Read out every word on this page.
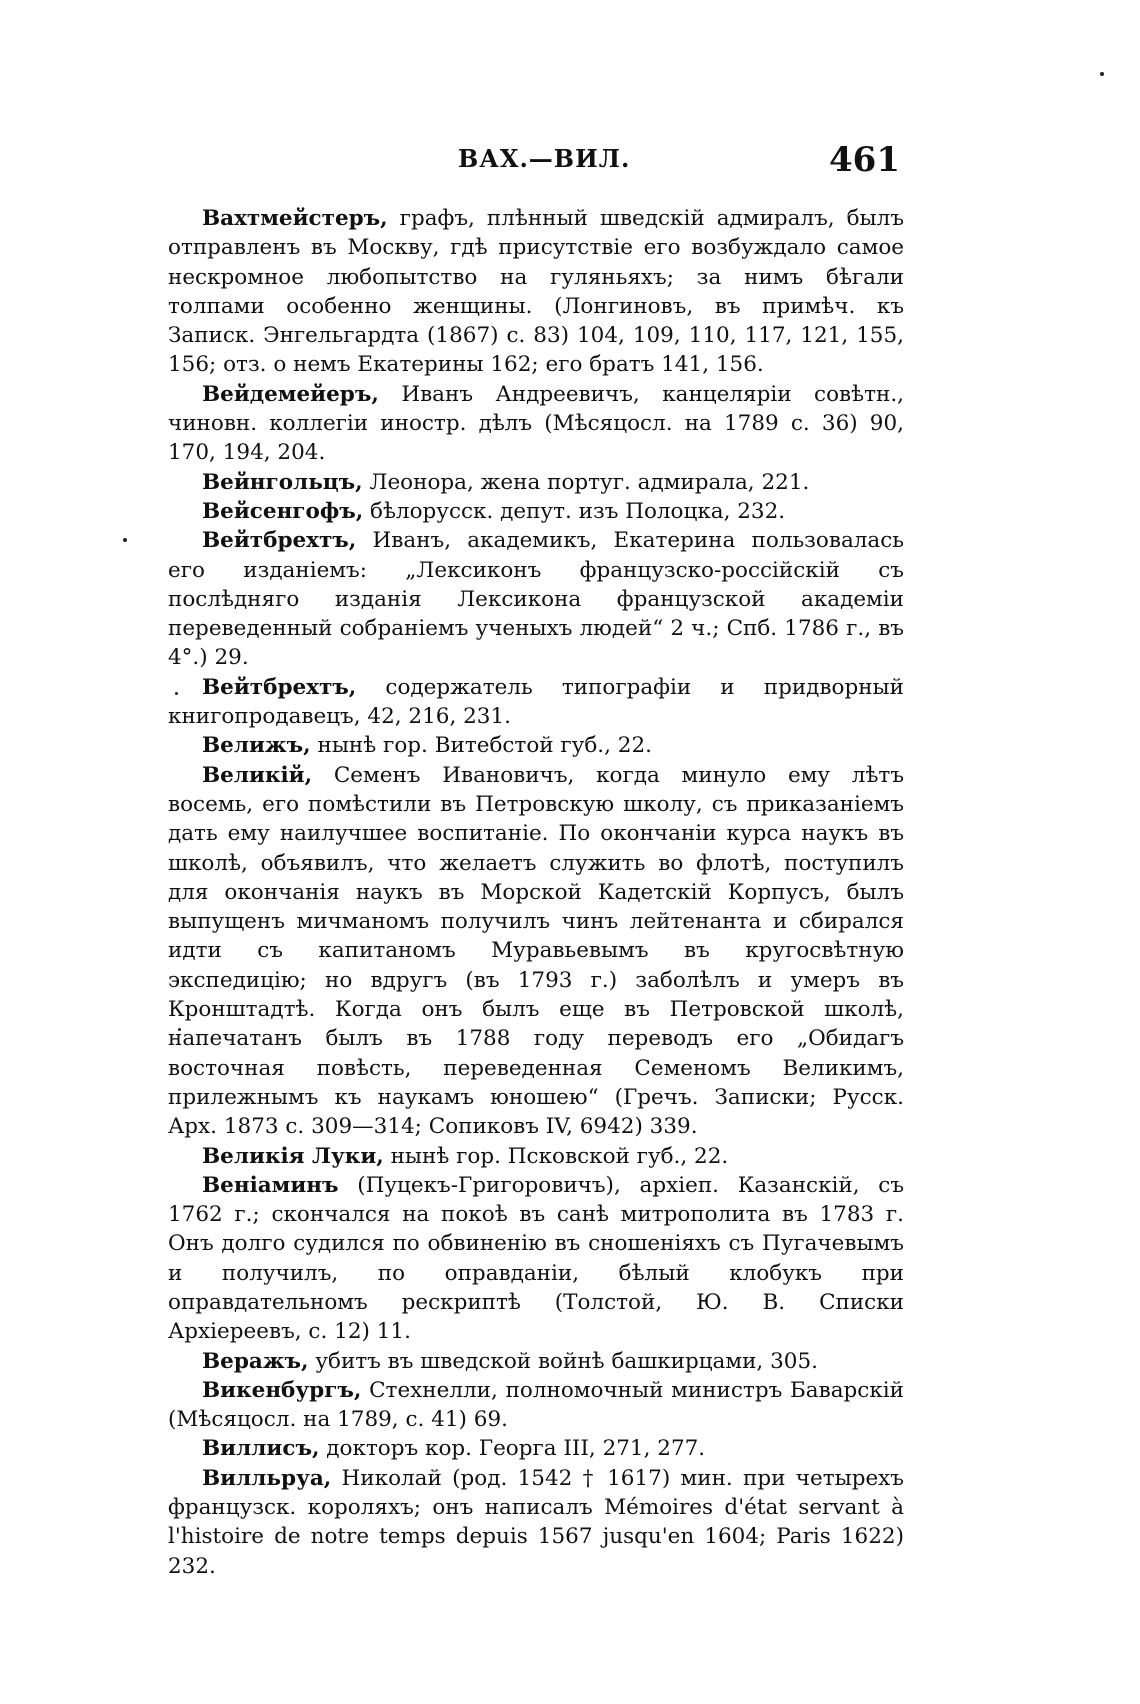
ВАХ.—ВИЛ.	461

Вахтмейстеръ, графъ, плѣнный шведскій адмиралъ, былъ отправленъ въ Москву, гдѣ присутствіе его возбуждало самое нескромное любопытство на гуляньяхъ; за нимъ бѣгали толпами особенно женщины. (Лонгиновъ, въ примѣч. къ Записк. Энгельгардта (1867) с. 83) 104, 109, 110, 117, 121, 155, 156; отз. о немъ Екатерины 162; его братъ 141, 156.

Вейдемейеръ, Иванъ Андреевичъ, канцеляріи совѣтн., чиновн. коллегіи иностр. дѣлъ (Мѣсяцосл. на 1789 с. 36) 90, 170, 194, 204.

Вейнгольцъ, Леонора, жена португ. адмирала, 221.

Вейсенгофъ, бѣлорусск. депут. изъ Полоцка, 232.

Вейтбрехтъ, Иванъ, академикъ, Екатерина пользовалась его изданіемъ: „Лексиконъ французско-россійскій съ послѣдняго изданія Лексикона французской академіи переведенный собраніемъ ученыхъ людей“ 2 ч.; Спб. 1786 г., въ 4°.) 29.

Вейтбрехтъ, содержатель типографіи и придворный книгопродавецъ, 42, 216, 231.

Велижъ, нынѣ гор. Витебстой губ., 22.

Великій, Семенъ Ивановичъ, когда минуло ему лѣтъ восемь, его помѣстили въ Петровскую школу, съ приказаніемъ дать ему наилучшее воспитаніе. По окончаніи курса наукъ въ школѣ, объявилъ, что желаетъ служить во флотѣ, поступилъ для окончанія наукъ въ Морской Кадетскій Корпусъ, былъ выпущенъ мичманомъ получилъ чинъ лейтенанта и сбирался идти съ капитаномъ Муравьевымъ въ кругосвѣтную экспедицію; но вдругъ (въ 1793 г.) заболѣлъ и умеръ въ Кронштадтѣ. Когда онъ былъ еще въ Петровской школѣ, напечатанъ былъ въ 1788 году переводъ его „Обидагъ восточная повѣсть, переведенная Семеномъ Великимъ, прилежнымъ къ наукамъ юношею“ (Гречъ. Записки; Русск. Арх. 1873 с. 309—314; Сопиковъ IV, 6942) 339.

Великія Луки, нынѣ гор. Псковской губ., 22.

Веніаминъ (Пуцекъ-Григоровичъ), архіеп. Казанскій, съ 1762 г.; скончался на покоѣ въ санѣ митрополита въ 1783 г. Онъ долго судился по обвиненію въ сношеніяхъ съ Пугачевымъ и получилъ, по оправданіи, бѣлый клобукъ при оправдательномъ рескриптѣ (Толстой, Ю. В. Списки Архіереевъ, с. 12) 11.

Веражъ, убитъ въ шведской войнѣ башкирцами, 305.

Викенбургъ, Стехнелли, полномочный министръ Баварскій (Мѣсяцосл. на 1789, с. 41) 69.

Виллисъ, докторъ кор. Георга III, 271, 277.

Вилльруа, Николай (род. 1542 † 1617) мин. при четырехъ французск. короляхъ; онъ написалъ Mémoires d'état servant à l'histoire de notre temps depuis 1567 jusqu'en 1604; Paris 1622) 232.
